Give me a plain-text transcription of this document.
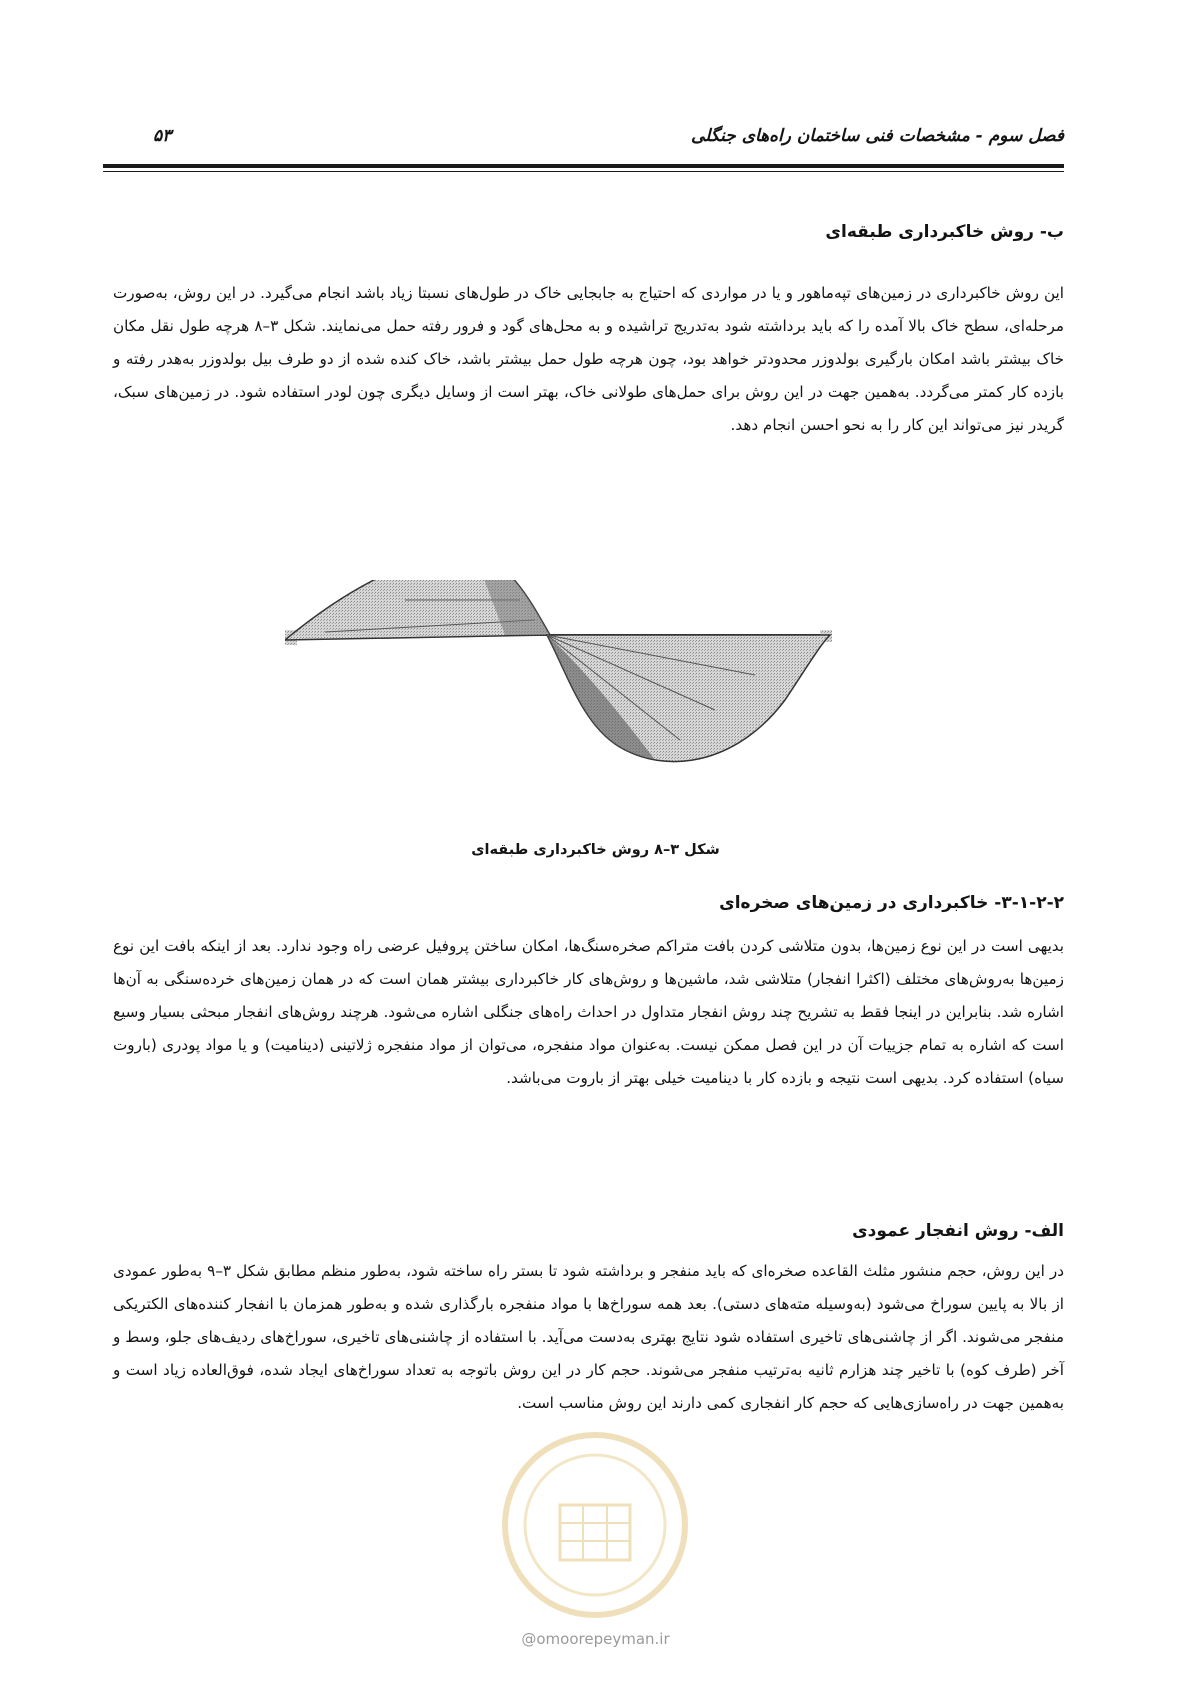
فصل سوم - مشخصات فنی ساختمان راه‌های جنگلی
۵۳
ب- روش خاکبرداری طبقه‌ای
این روش خاکبرداری در زمین‌های تپه‌ماهور و یا در مواردی که احتیاج به جابجایی خاک در طول‌های نسبتا زیاد باشد انجام می‌گیرد. در این روش، به‌صورت مرحله‌ای، سطح خاک بالا آمده را که باید برداشته شود به‌تدریج تراشیده و به محل‌های گود و فرور رفته حمل می‌نمایند. شکل ۳–۸ هرچه طول نقل مکان خاک بیشتر باشد امکان بارگیری بولدوزر محدودتر خواهد بود، چون هرچه طول حمل بیشتر باشد، خاک کنده شده از دو طرف بیل بولدوزر به‌هدر رفته و بازده کار کمتر می‌گردد. به‌همین جهت در این روش برای حمل‌های طولانی خاک، بهتر است از وسایل دیگری چون لودر استفاده شود. در زمین‌های سبک، گریدر نیز می‌تواند این کار را به نحو احسن انجام دهد.
شکل ۳–۸ روش خاکبرداری طبقه‌ای
۳-۱-۲-۲- خاکبرداری در زمین‌های صخره‌ای
بدیهی است در این نوع زمین‌ها، بدون متلاشی کردن بافت متراکم صخره‌سنگ‌ها، امکان ساختن پروفیل عرضی راه وجود ندارد. بعد از اینکه بافت این نوع زمین‌ها به‌روش‌های مختلف (اکثرا انفجار) متلاشی شد، ماشین‌ها و روش‌های کار خاکبرداری بیشتر همان است که در همان زمین‌های خردەسنگی به آن‌ها اشاره شد. بنابراین در اینجا فقط به تشریح چند روش انفجار متداول در احداث راه‌های جنگلی اشاره می‌شود. هرچند روش‌های انفجار مبحثی بسیار وسیع است که اشاره به تمام جزییات آن در این فصل ممکن نیست. به‌عنوان مواد منفجره، می‌توان از مواد منفجره ژلاتینی (دینامیت) و یا مواد پودری (باروت سیاه) استفاده کرد. بدیهی است نتیجه و بازده کار با دینامیت خیلی بهتر از باروت می‌باشد.
الف- روش انفجار عمودی
در این روش، حجم منشور مثلث القاعده صخره‌ای که باید منفجر و برداشته شود تا بستر راه ساخته شود، به‌طور منظم مطابق شکل ۳–۹ به‌طور عمودی از بالا به پایین سوراخ می‌شود (به‌وسیله مته‌های دستی). بعد همه سوراخ‌ها با مواد منفجره بارگذاری شده و به‌طور همزمان با انفجار کننده‌های الکتریکی منفجر می‌شوند. اگر از چاشنی‌های تاخیری استفاده شود نتایج بهتری به‌دست می‌آید. با استفاده از چاشنی‌های تاخیری، سوراخ‌های ردیف‌های جلو، وسط و آخر (طرف کوه) با تاخیر چند هزارم ثانیه به‌ترتیب منفجر می‌شوند. حجم کار در این روش باتوجه به تعداد سوراخ‌های ایجاد شده، فوق‌العاده زیاد است و به‌همین جهت در راه‌سازی‌هایی که حجم کار انفجاری کمی دارند این روش مناسب است.
@omoorepeyman.ir
